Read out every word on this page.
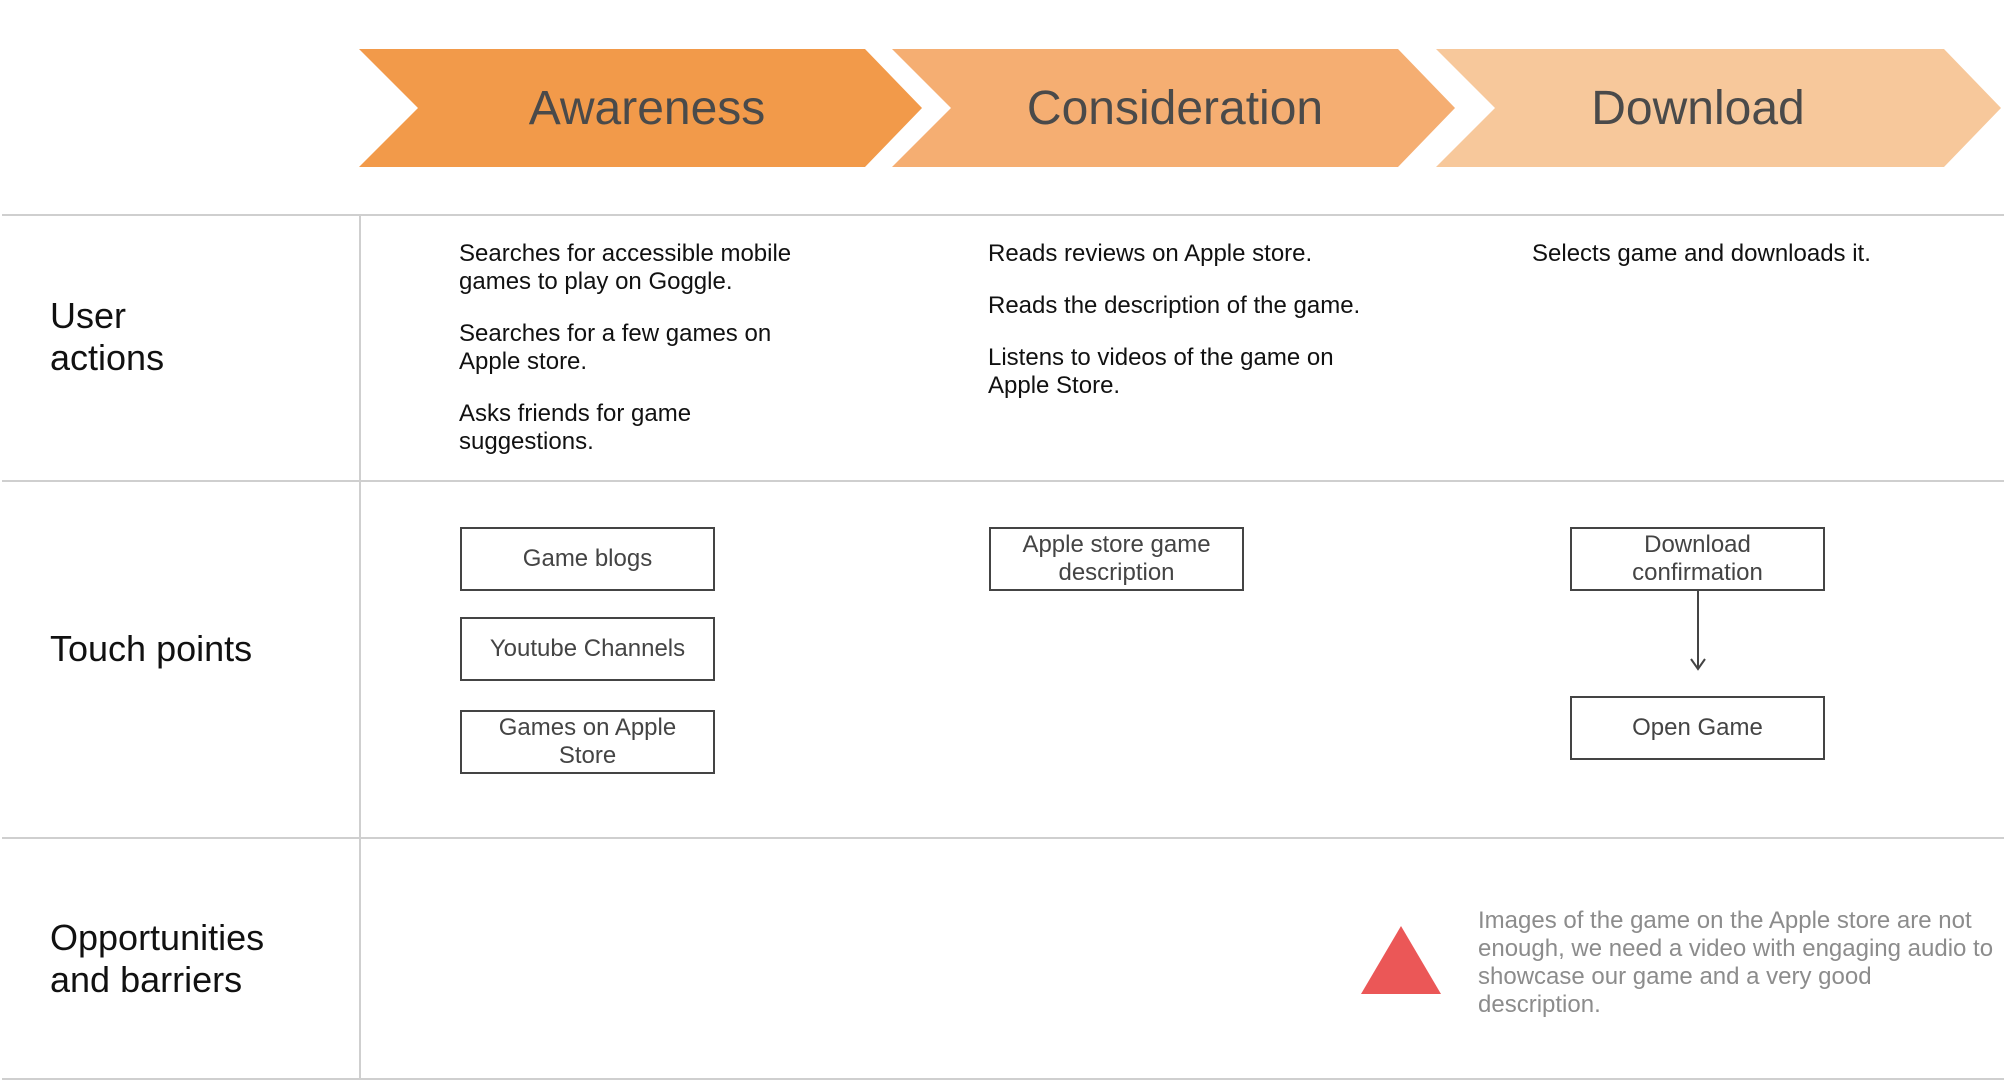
Awareness	Consideration	Download
User
actions
Touch points
Opportunities
and barriers

Searches for accessible mobile games to play on Goggle.

Searches for a few games on Apple store.

Asks friends for game suggestions.

Reads reviews on Apple store.

Reads the description of the game.

Listens to videos of the game on Apple Store.

Selects game and downloads it.

Game blogs
Youtube Channels
Games on Apple Store
Apple store game description
Download confirmation
Open Game
Images of the game on the Apple store are not enough, we need a video with engaging audio to showcase our game and a very good description.
